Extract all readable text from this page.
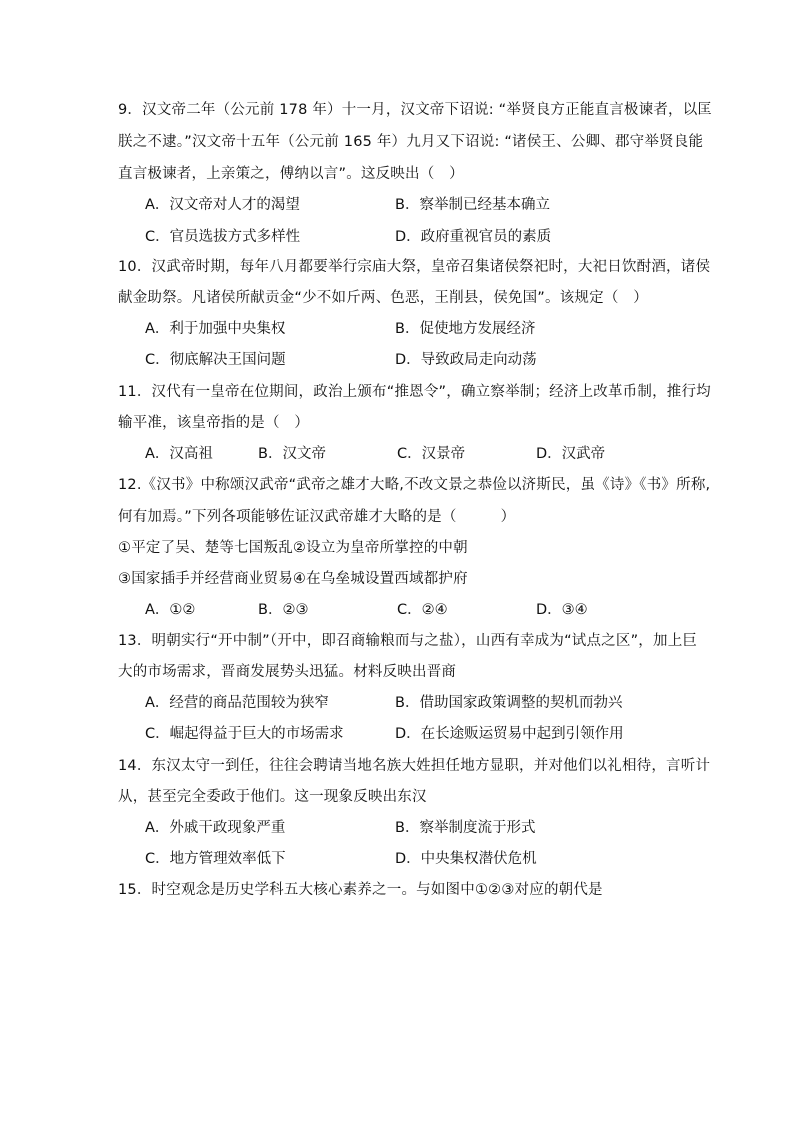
9．汉文帝二年（公元前 178 年）十一月，汉文帝下诏说: “举贤良方正能直言极谏者，以匡
朕之不逮。”汉文帝十五年（公元前 165 年）九月又下诏说: “诸侯王、公卿、郡守举贤良能
直言极谏者，上亲策之，傅纳以言”。这反映出（　）
A．汉文帝对人才的渴望	B．察举制已经基本确立
C．官员选拔方式多样性	D．政府重视官员的素质
10．汉武帝时期，每年八月都要举行宗庙大祭，皇帝召集诸侯祭祀时，大祀日饮酎酒，诸侯
献金助祭。凡诸侯所献贡金“少不如斤两、色恶，王削县，侯免国”。该规定（　）
A．利于加强中央集权	B．促使地方发展经济
C．彻底解决王国问题	D．导致政局走向动荡
11．汉代有一皇帝在位期间，政治上颁布“推恩令”，确立察举制；经济上改革币制，推行均
输平准，该皇帝指的是（　）
A．汉高祖	B．汉文帝	C．汉景帝	D．汉武帝
12.《汉书》中称颂汉武帝“武帝之雄才大略,不改文景之恭俭以济斯民，虽《诗》《书》所称,
何有加焉。”下列各项能够佐证汉武帝雄才大略的是（　　　）
①平定了吴、楚等七国叛乱②设立为皇帝所掌控的中朝
③国家插手并经营商业贸易④在乌垒城设置西域都护府
A．①②	B．②③	C．②④	D．③④
13．明朝实行“开中制”（开中，即召商输粮而与之盐），山西有幸成为“试点之区”，加上巨
大的市场需求，晋商发展势头迅猛。材料反映出晋商
A．经营的商品范围较为狭窄	B．借助国家政策调整的契机而勃兴
C．崛起得益于巨大的市场需求	D．在长途贩运贸易中起到引领作用
14．东汉太守一到任，往往会聘请当地名族大姓担任地方显职，并对他们以礼相待，言听计
从，甚至完全委政于他们。这一现象反映出东汉
A．外戚干政现象严重	B．察举制度流于形式
C．地方管理效率低下	D．中央集权潜伏危机
15．时空观念是历史学科五大核心素养之一。与如图中①②③对应的朝代是
